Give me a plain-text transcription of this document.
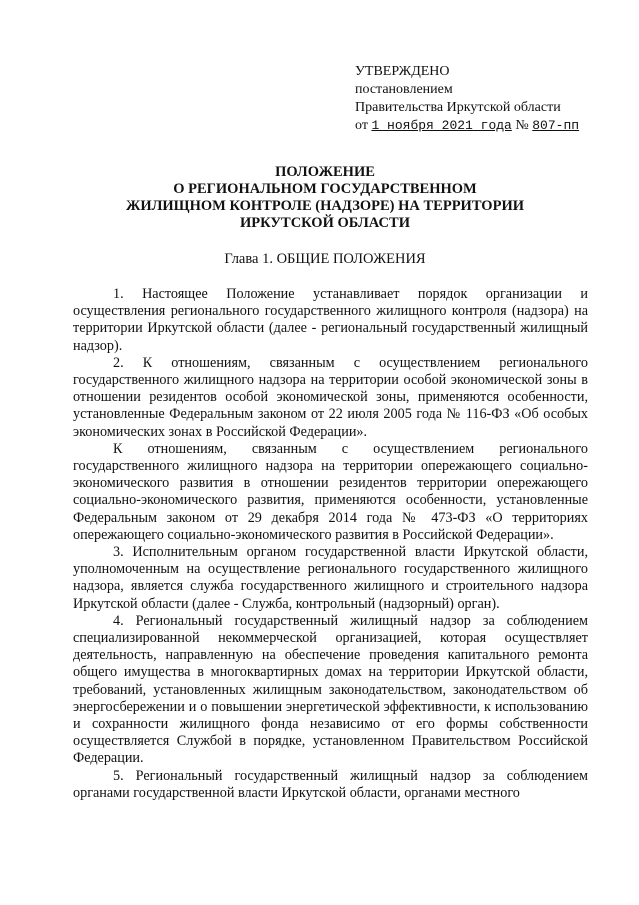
УТВЕРЖДЕНО
постановлением
Правительства Иркутской области
от 1 ноября 2021 года № 807-пп
ПОЛОЖЕНИЕ
О РЕГИОНАЛЬНОМ ГОСУДАРСТВЕННОМ
ЖИЛИЩНОМ КОНТРОЛЕ (НАДЗОРЕ) НА ТЕРРИТОРИИ
ИРКУТСКОЙ ОБЛАСТИ
Глава 1. ОБЩИЕ ПОЛОЖЕНИЯ

1. Настоящее Положение устанавливает порядок организации и осуществления регионального государственного жилищного контроля (надзора) на территории Иркутской области (далее - региональный государственный жилищный надзор).

2. К отношениям, связанным с осуществлением регионального государственного жилищного надзора на территории особой экономической зоны в отношении резидентов особой экономической зоны, применяются особенности, установленные Федеральным законом от 22 июля 2005 года № 116-ФЗ «Об особых экономических зонах в Российской Федерации».

К отношениям, связанным с осуществлением регионального государственного жилищного надзора на территории опережающего социально-экономического развития в отношении резидентов территории опережающего социально-экономического развития, применяются особенности, установленные Федеральным законом от 29 декабря 2014 года № 473-ФЗ «О территориях опережающего социально-экономического развития в Российской Федерации».

3. Исполнительным органом государственной власти Иркутской области, уполномоченным на осуществление регионального государственного жилищного надзора, является служба государственного жилищного и строительного надзора Иркутской области (далее - Служба, контрольный (надзорный) орган).

4. Региональный государственный жилищный надзор за соблюдением специализированной некоммерческой организацией, которая осуществляет деятельность, направленную на обеспечение проведения капитального ремонта общего имущества в многоквартирных домах на территории Иркутской области, требований, установленных жилищным законодательством, законодательством об энергосбережении и о повышении энергетической эффективности, к использованию и сохранности жилищного фонда независимо от его формы собственности осуществляется Службой в порядке, установленном Правительством Российской Федерации.

5. Региональный государственный жилищный надзор за соблюдением органами государственной власти Иркутской области, органами местного
